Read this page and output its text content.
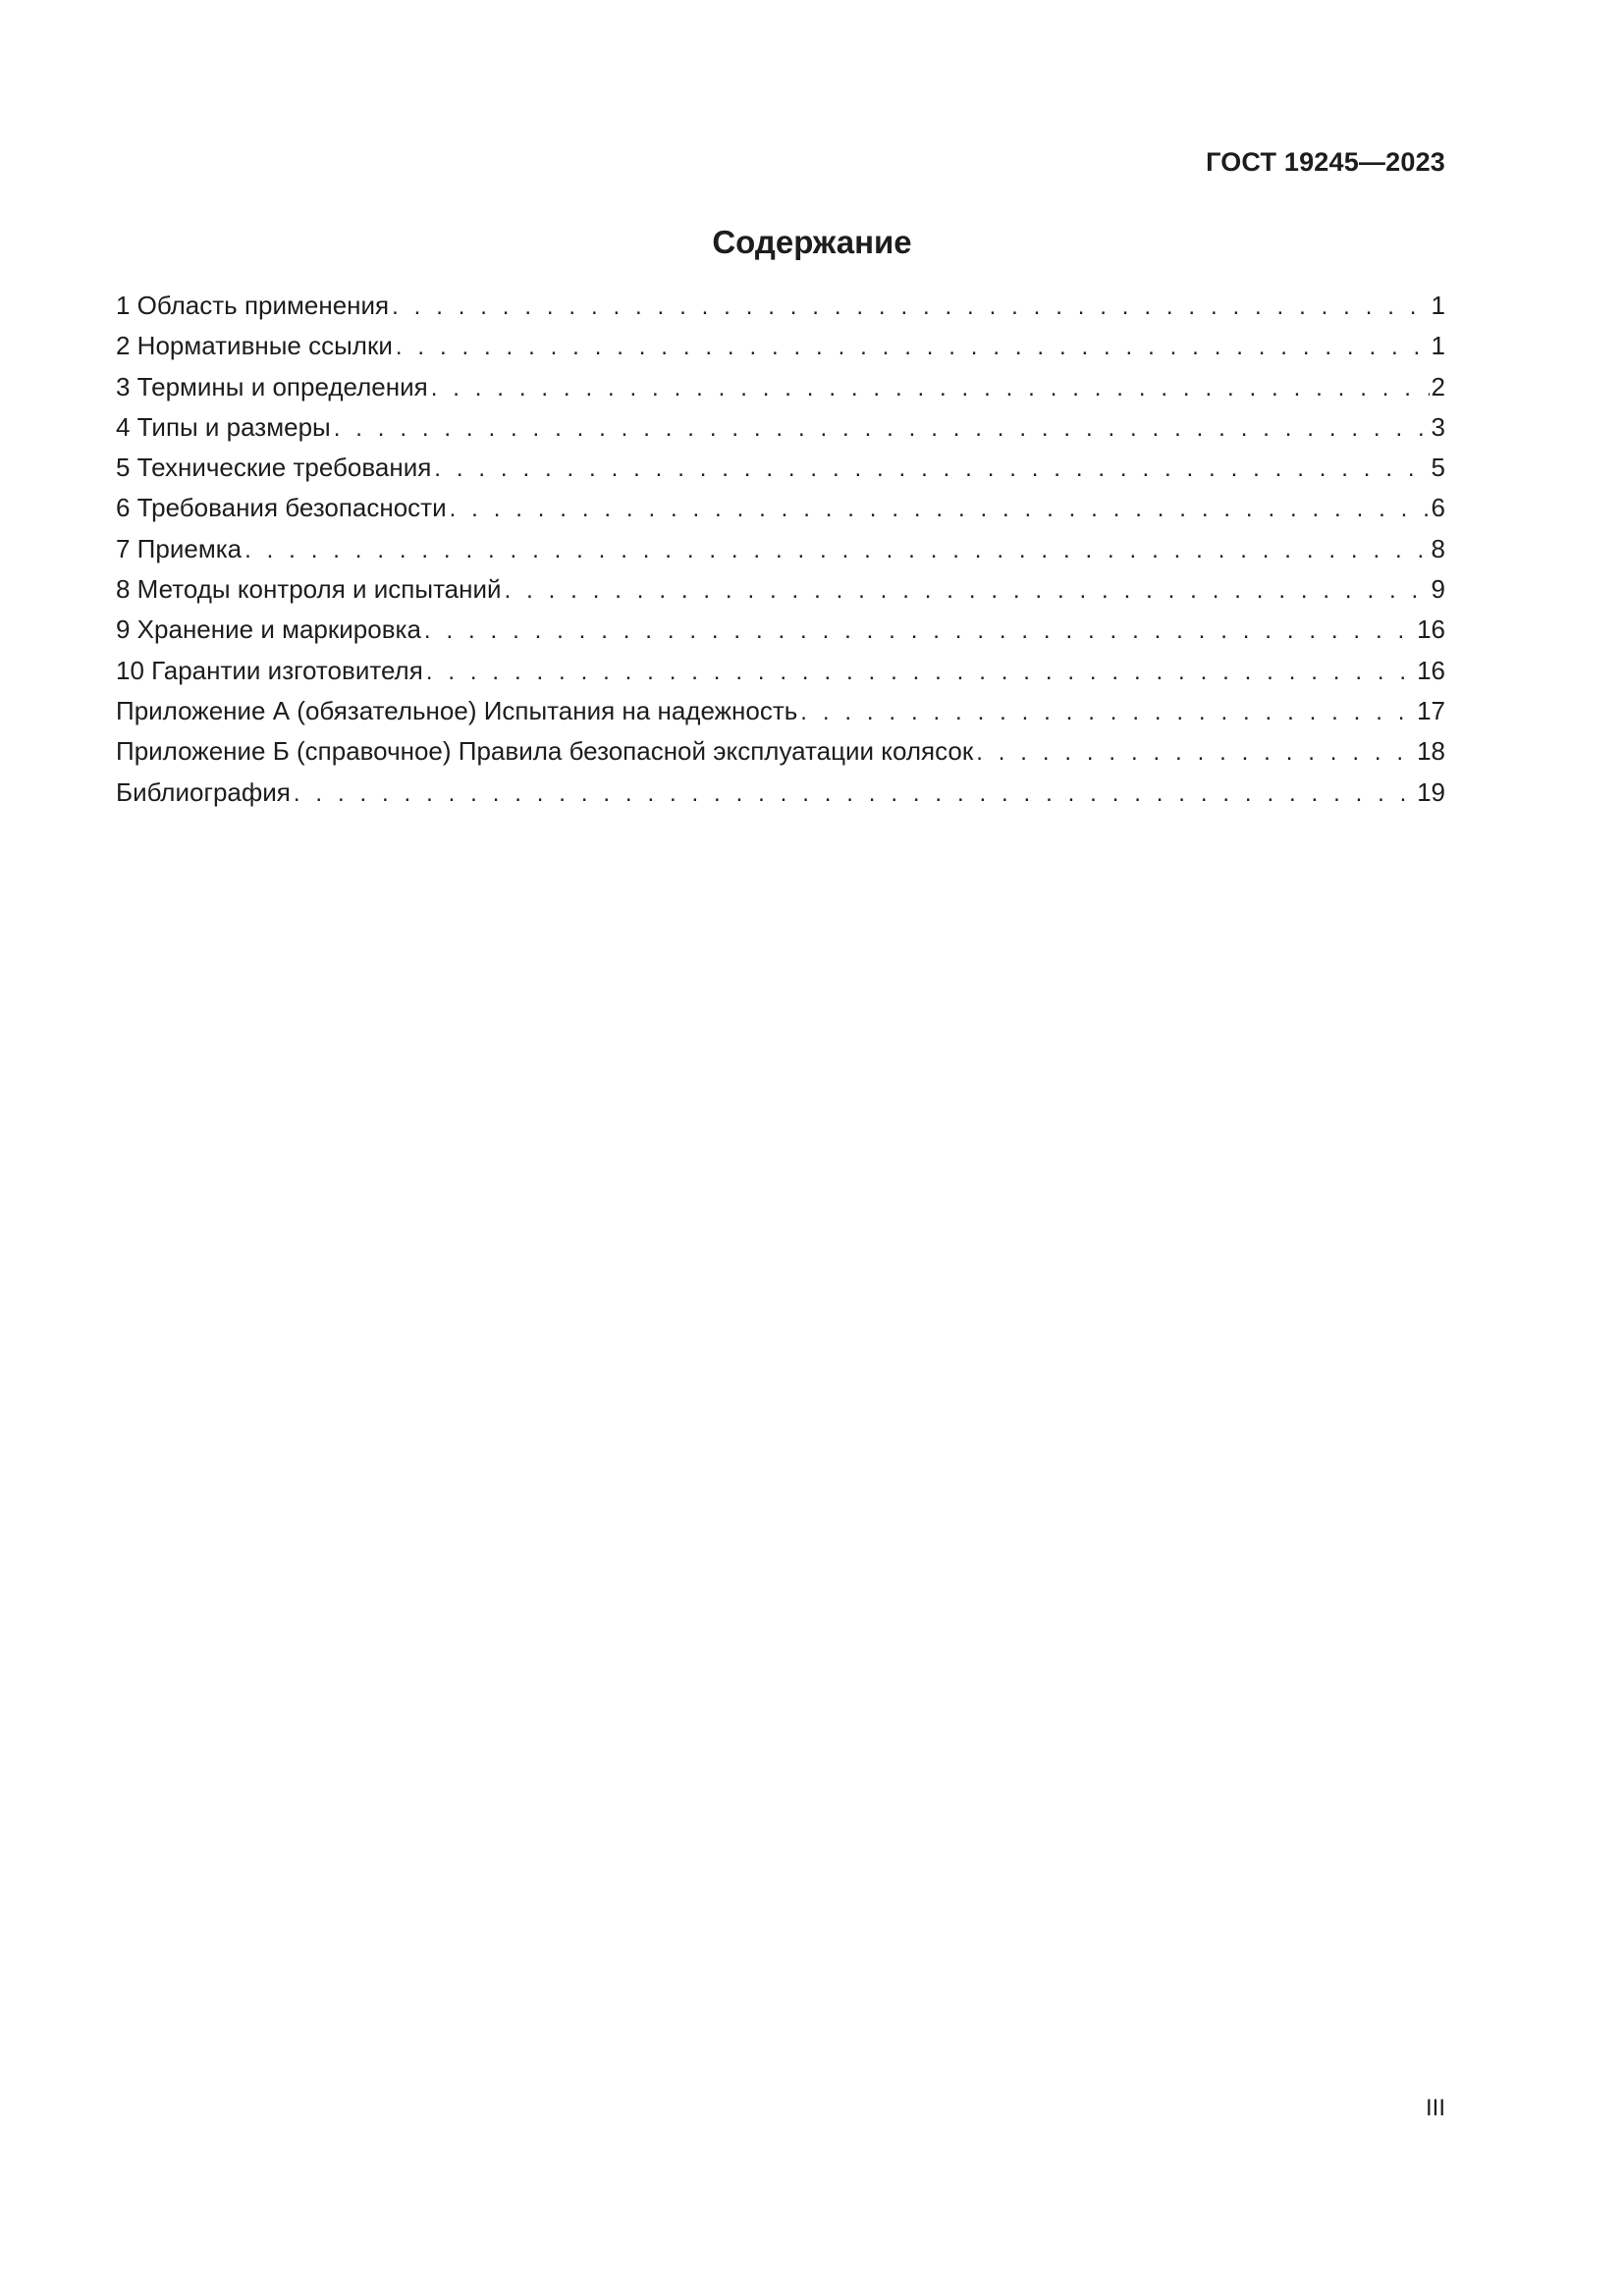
ГОСТ 19245—2023
Содержание
1 Область применения . . .	1
2 Нормативные ссылки . . .	1
3 Термины и определения . . .	2
4 Типы и размеры . . .	3
5 Технические требования . . .	5
6 Требования безопасности . . .	6
7 Приемка . . .	8
8 Методы контроля и испытаний . . .	9
9 Хранение и маркировка . . .	16
10 Гарантии изготовителя . . .	16
Приложение А (обязательное) Испытания на надежность . . .	17
Приложение Б (справочное) Правила безопасной эксплуатации колясок . . .	18
Библиография . . .	19
III
